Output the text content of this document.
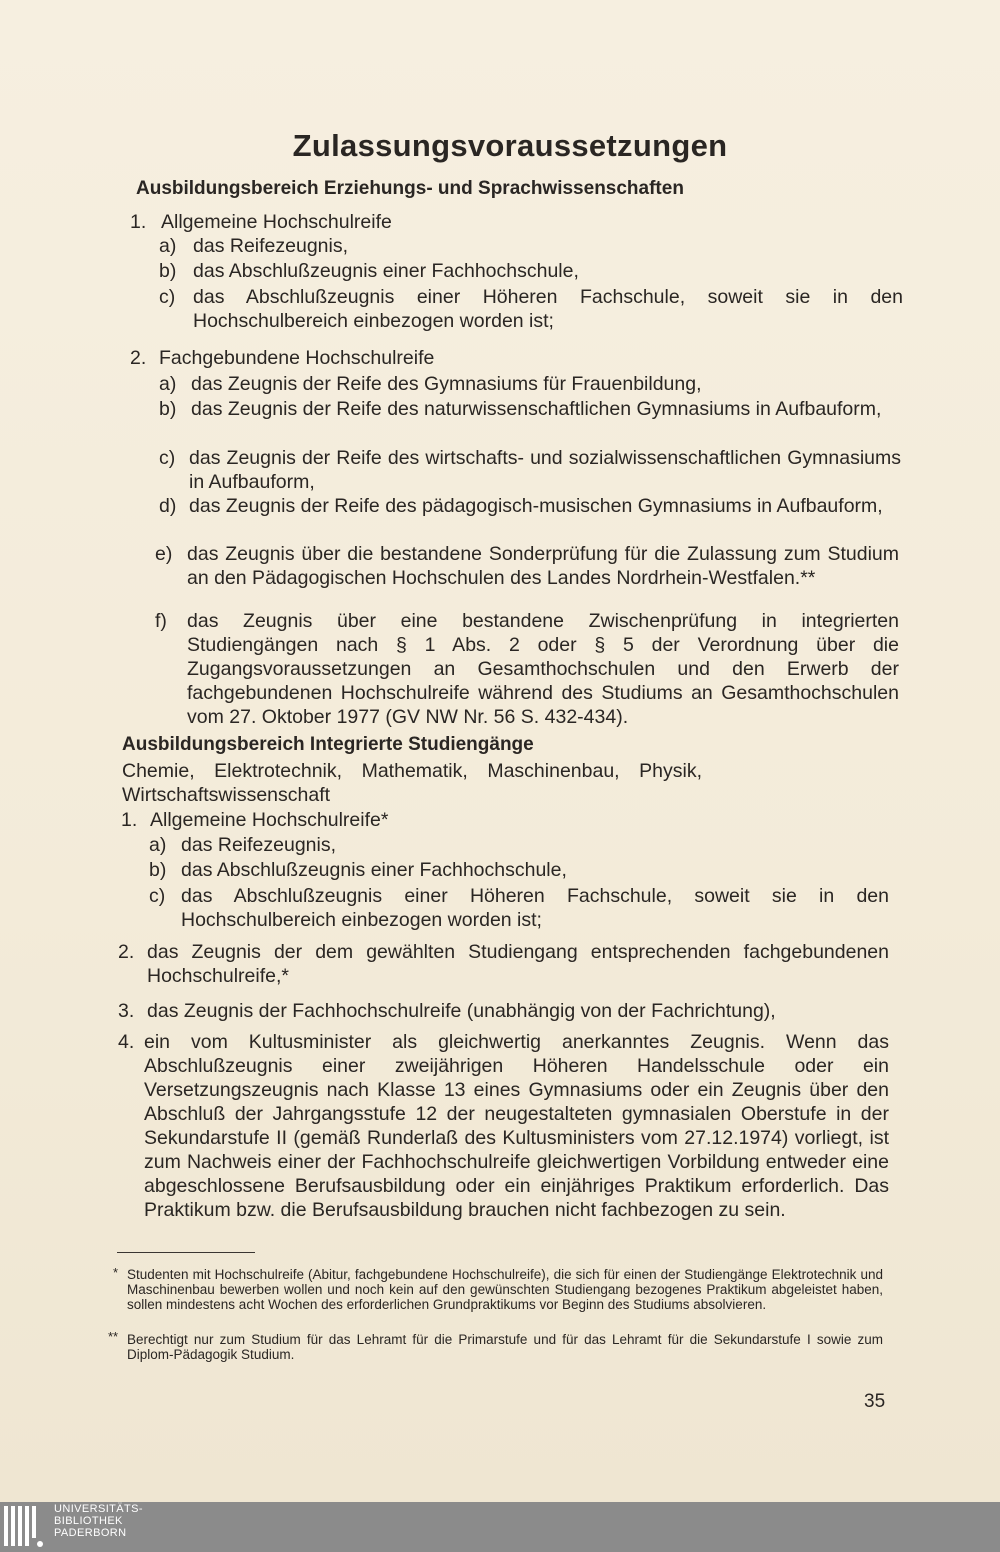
Zulassungsvoraussetzungen
Ausbildungsbereich Erziehungs- und Sprachwissenschaften
1. Allgemeine Hochschulreife
a) das Reifezeugnis,
b) das Abschlußzeugnis einer Fachhochschule,
c) das Abschlußzeugnis einer Höheren Fachschule, soweit sie in den Hochschulbereich einbezogen worden ist;
2. Fachgebundene Hochschulreife
a) das Zeugnis der Reife des Gymnasiums für Frauenbildung,
b) das Zeugnis der Reife des naturwissenschaftlichen Gymnasiums in Aufbauform,
c) das Zeugnis der Reife des wirtschafts- und sozialwissenschaftlichen Gymnasiums in Aufbauform,
d) das Zeugnis der Reife des pädagogisch-musischen Gymnasiums in Aufbauform,
e) das Zeugnis über die bestandene Sonderprüfung für die Zulassung zum Studium an den Pädagogischen Hochschulen des Landes Nordrhein-Westfalen.**
f) das Zeugnis über eine bestandene Zwischenprüfung in integrierten Studiengängen nach § 1 Abs. 2 oder § 5 der Verordnung über die Zugangsvoraussetzungen an Gesamthochschulen und den Erwerb der fachgebundenen Hochschulreife während des Studiums an Gesamthochschulen vom 27. Oktober 1977 (GV NW Nr. 56 S. 432-434).
Ausbildungsbereich Integrierte Studiengänge
Chemie, Elektrotechnik, Mathematik, Maschinenbau, Physik, Wirtschaftswissenschaft
1. Allgemeine Hochschulreife*
a) das Reifezeugnis,
b) das Abschlußzeugnis einer Fachhochschule,
c) das Abschlußzeugnis einer Höheren Fachschule, soweit sie in den Hochschulbereich einbezogen worden ist;
2. das Zeugnis der dem gewählten Studiengang entsprechenden fachgebundenen Hochschulreife,*
3. das Zeugnis der Fachhochschulreife (unabhängig von der Fachrichtung),
4. ein vom Kultusminister als gleichwertig anerkanntes Zeugnis. Wenn das Abschlußzeugnis einer zweijährigen Höheren Handelsschule oder ein Versetzungszeugnis nach Klasse 13 eines Gymnasiums oder ein Zeugnis über den Abschluß der Jahrgangsstufe 12 der neugestalteten gymnasialen Oberstufe in der Sekundarstufe II (gemäß Runderlaß des Kultusministers vom 27.12.1974) vorliegt, ist zum Nachweis einer der Fachhochschulreife gleichwertigen Vorbildung entweder eine abgeschlossene Berufsausbildung oder ein einjähriges Praktikum erforderlich. Das Praktikum bzw. die Berufsausbildung brauchen nicht fachbezogen zu sein.
* Studenten mit Hochschulreife (Abitur, fachgebundene Hochschulreife), die sich für einen der Studiengänge Elektrotechnik und Maschinenbau bewerben wollen und noch kein auf den gewünschten Studiengang bezogenes Praktikum abgeleistet haben, sollen mindestens acht Wochen des erforderlichen Grundpraktikums vor Beginn des Studiums absolvieren.
** Berechtigt nur zum Studium für das Lehramt für die Primarstufe und für das Lehramt für die Sekundarstufe I sowie zum Diplom-Pädagogik Studium.
35
UNIVERSITÄTS-
BIBLIOTHEK
PADERBORN
